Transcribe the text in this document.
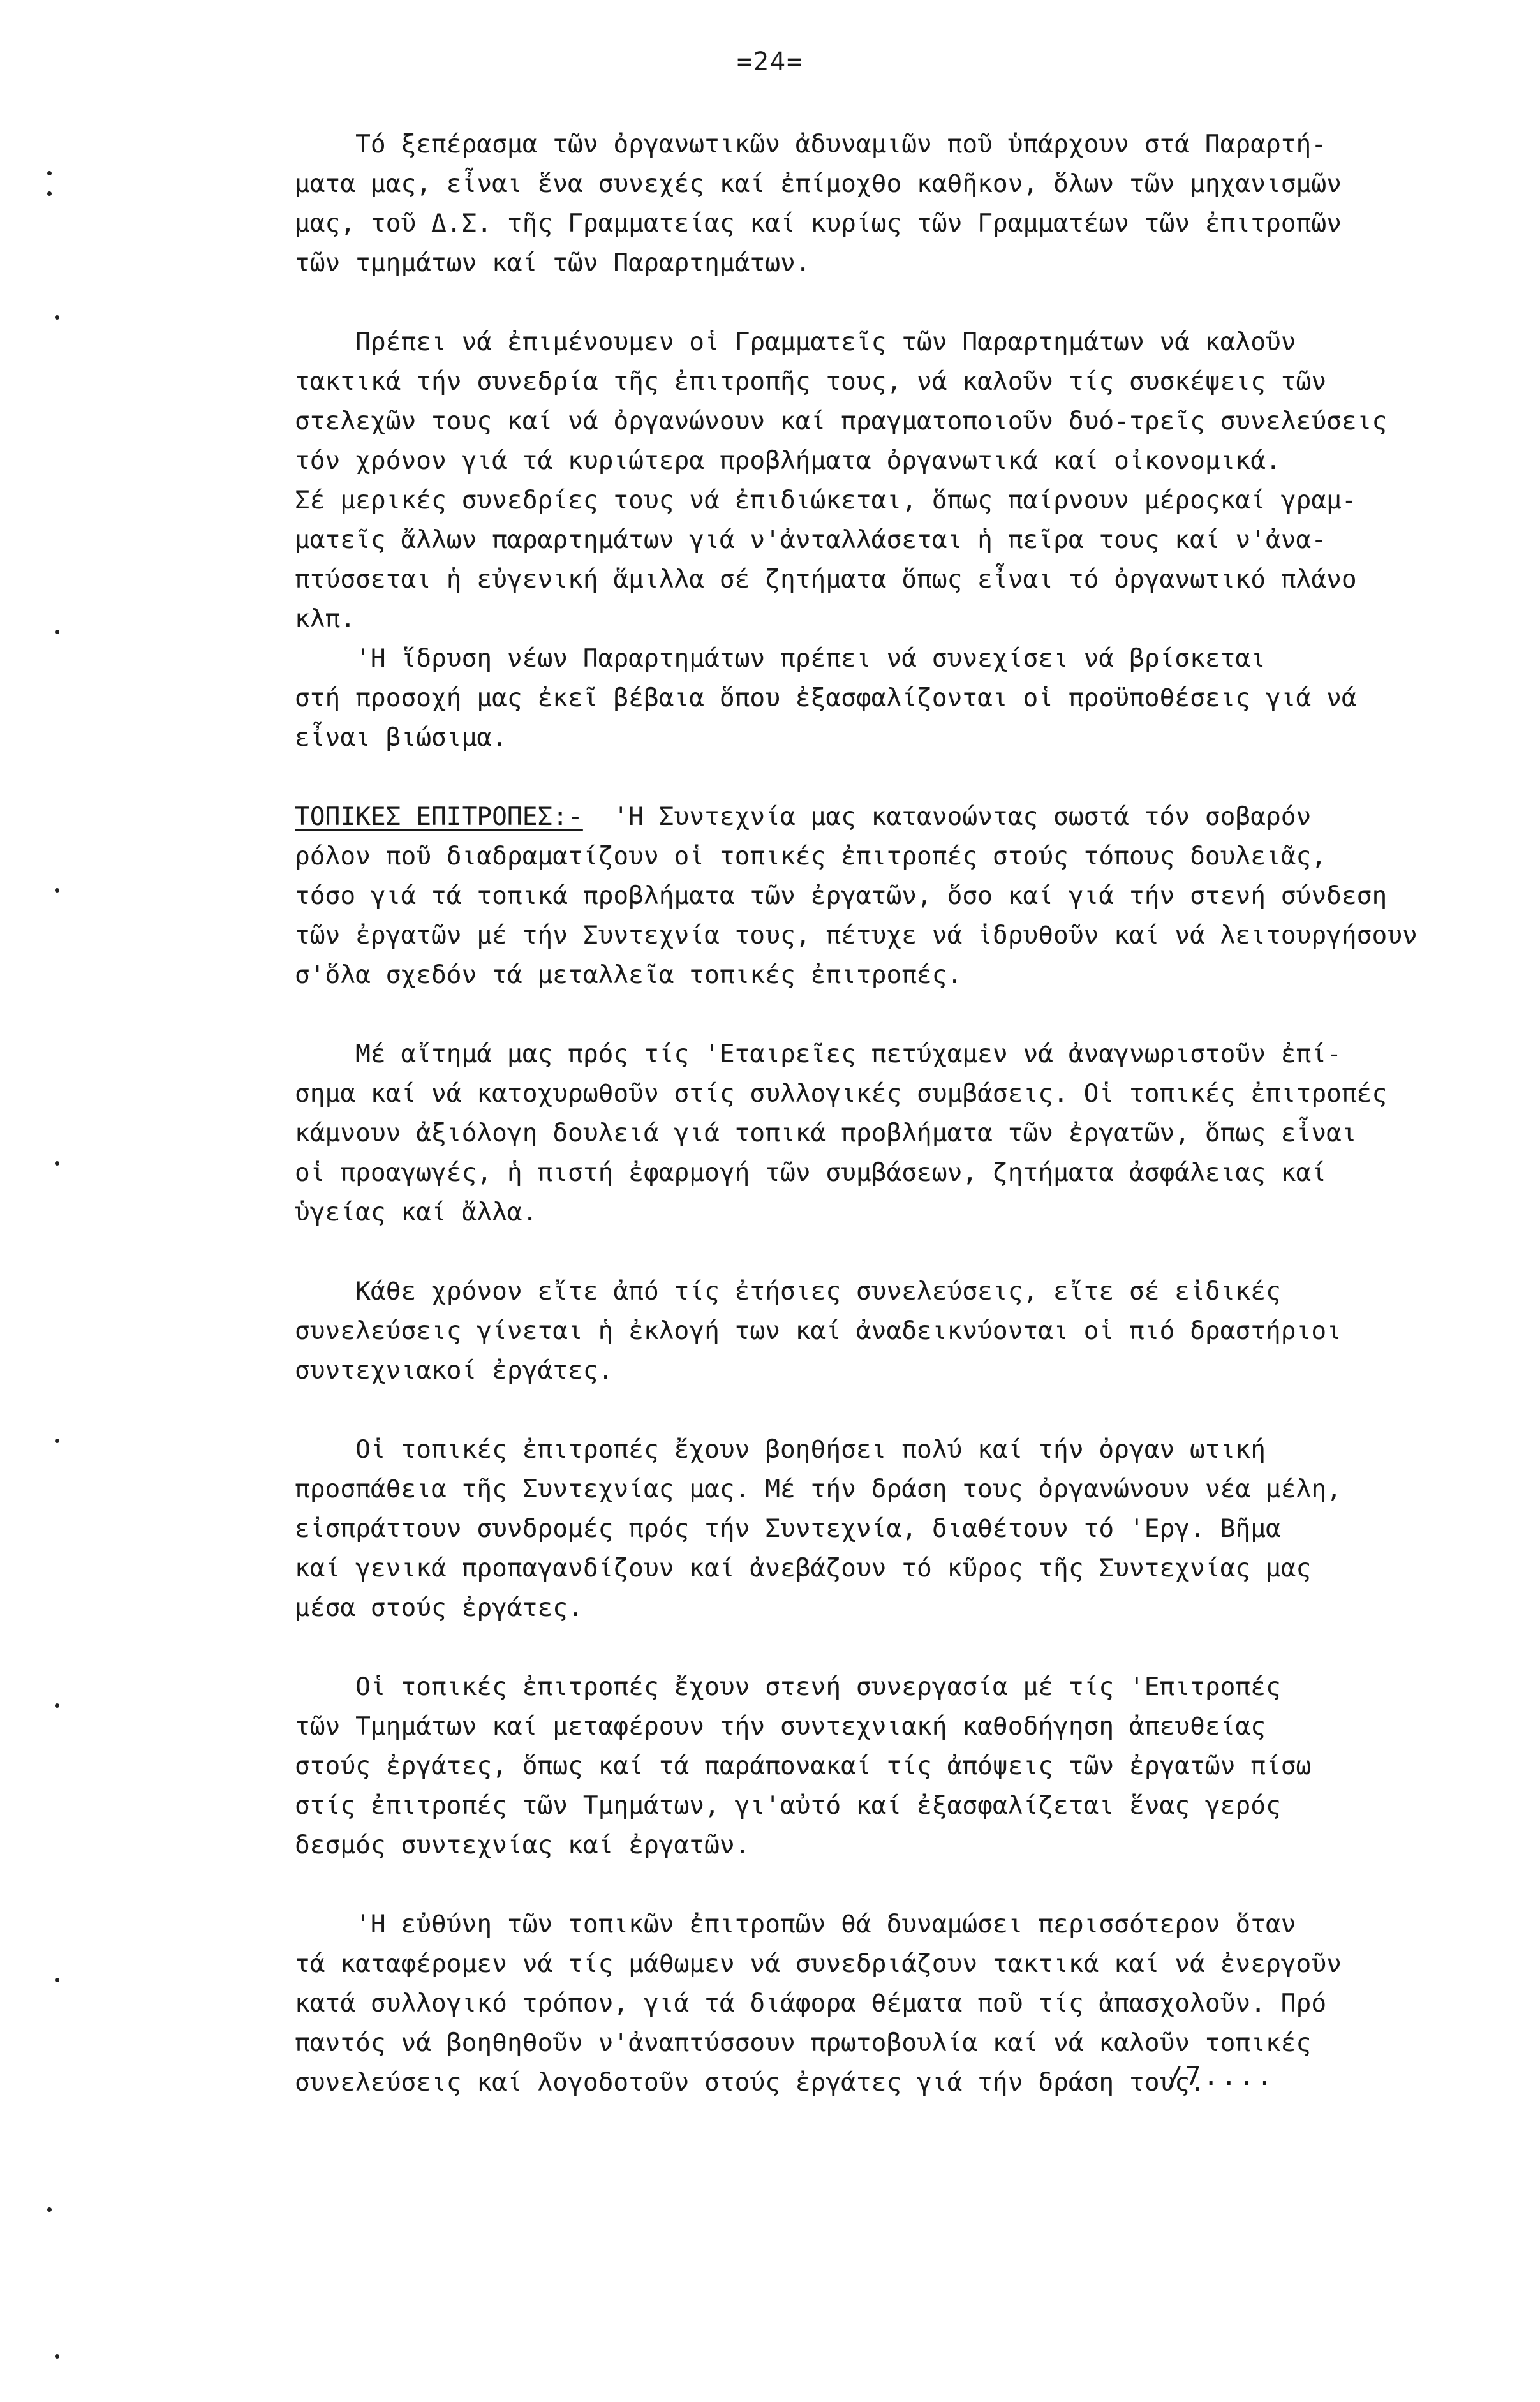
=24=
Τό ξεπέρασμα τῶν ὀργανωτικῶν ἀδυναμιῶν ποῦ ὑπάρχουν στά Παραρτή-
ματα μας, εἶναι ἕνα συνεχές καί ἐπίμοχθο καθῆκον, ὅλων τῶν μηχανισμῶν
μας, τοῦ Δ.Σ. τῆς Γραμματείας καί κυρίως τῶν Γραμματέων τῶν ἐπιτροπῶν
τῶν τμημάτων καί τῶν Παραρτημάτων.
Πρέπει νά ἐπιμένουμεν οἱ Γραμματεῖς τῶν Παραρτημάτων νά καλοῦν
τακτικά τήν συνεδρία τῆς ἐπιτροπῆς τους, νά καλοῦν τίς συσκέψεις τῶν
στελεχῶν τους καί νά ὀργανώνουν καί πραγματοποιοῦν δυό-τρεῖς συνελεύσεις
τόν χρόνον γιά τά κυριώτερα προβλήματα ὀργανωτικά καί οἰκονομικά.
Σέ μερικές συνεδρίες τους νά ἐπιδιώκεται, ὅπως παίρνουν μέροςκαί γραμ-
ματεῖς ἄλλων παραρτημάτων γιά ν'ἀνταλλάσεται ἡ πεῖρα τους καί ν'ἀνα-
πτύσσεται ἡ εὐγενική ἅμιλλα σέ ζητήματα ὅπως εἶναι τό ὀργανωτικό πλάνο
κλπ.
'Η ἵδρυση νέων Παραρτημάτων πρέπει νά συνεχίσει νά βρίσκεται
στή προσοχή μας ἐκεῖ βέβαια ὅπου ἐξασφαλίζονται οἱ προϋποθέσεις γιά νά
εἶναι βιώσιμα.
ΤΟΠΙΚΕΣ ΕΠΙΤΡΟΠΕΣ:-  'Η Συντεχνία μας κατανοώντας σωστά τόν σοβαρόν
ρόλον ποῦ διαδραματίζουν οἱ τοπικές ἐπιτροπές στούς τόπους δουλειᾶς,
τόσο γιά τά τοπικά προβλήματα τῶν ἐργατῶν, ὅσο καί γιά τήν στενή σύνδεση
τῶν ἐργατῶν μέ τήν Συντεχνία τους, πέτυχε νά ἱδρυθοῦν καί νά λειτουργήσουν
σ'ὅλα σχεδόν τά μεταλλεῖα τοπικές ἐπιτροπές.
Μέ αἴτημά μας πρός τίς 'Εταιρεῖες πετύχαμεν νά ἀναγνωριστοῦν ἐπί-
σημα καί νά κατοχυρωθοῦν στίς συλλογικές συμβάσεις. Οἱ τοπικές ἐπιτροπές
κάμνουν ἀξιόλογη δουλειά γιά τοπικά προβλήματα τῶν ἐργατῶν, ὅπως εἶναι
οἱ προαγωγές, ἡ πιστή ἐφαρμογή τῶν συμβάσεων, ζητήματα ἀσφάλειας καί
ὑγείας καί ἄλλα.
Κάθε χρόνον εἴτε ἀπό τίς ἐτήσιες συνελεύσεις, εἴτε σέ εἰδικές
συνελεύσεις γίνεται ἡ ἐκλογή των καί ἀναδεικνύονται οἱ πιό δραστήριοι
συντεχνιακοί ἐργάτες.
Οἱ τοπικές ἐπιτροπές ἔχουν βοηθήσει πολύ καί τήν ὀργαν ωτική
προσπάθεια τῆς Συντεχνίας μας. Μέ τήν δράση τους ὀργανώνουν νέα μέλη,
εἰσπράττουν συνδρομές πρός τήν Συντεχνία, διαθέτουν τό 'Εργ. Βῆμα
καί γενικά προπαγανδίζουν καί ἀνεβάζουν τό κῦρος τῆς Συντεχνίας μας
μέσα στούς ἐργάτες.
Οἱ τοπικές ἐπιτροπές ἔχουν στενή συνεργασία μέ τίς 'Επιτροπές
τῶν Τμημάτων καί μεταφέρουν τήν συντεχνιακή καθοδήγηση ἀπευθείας
στούς ἐργάτες, ὅπως καί τά παράπονακαί τίς ἀπόψεις τῶν ἐργατῶν πίσω
στίς ἐπιτροπές τῶν Τμημάτων, γι'αὐτό καί ἐξασφαλίζεται ἕνας γερός
δεσμός συντεχνίας καί ἐργατῶν.
'Η εὐθύνη τῶν τοπικῶν ἐπιτροπῶν θά δυναμώσει περισσότερον ὅταν
τά καταφέρομεν νά τίς μάθωμεν νά συνεδριάζουν τακτικά καί νά ἐνεργοῦν
κατά συλλογικό τρόπον, γιά τά διάφορα θέματα ποῦ τίς ἀπασχολοῦν. Πρό
παντός νά βοηθηθοῦν ν'ἀναπτύσσουν πρωτοβουλία καί νά καλοῦν τοπικές
συνελεύσεις καί λογοδοτοῦν στούς ἐργάτες γιά τήν δράση τους.
/7....
